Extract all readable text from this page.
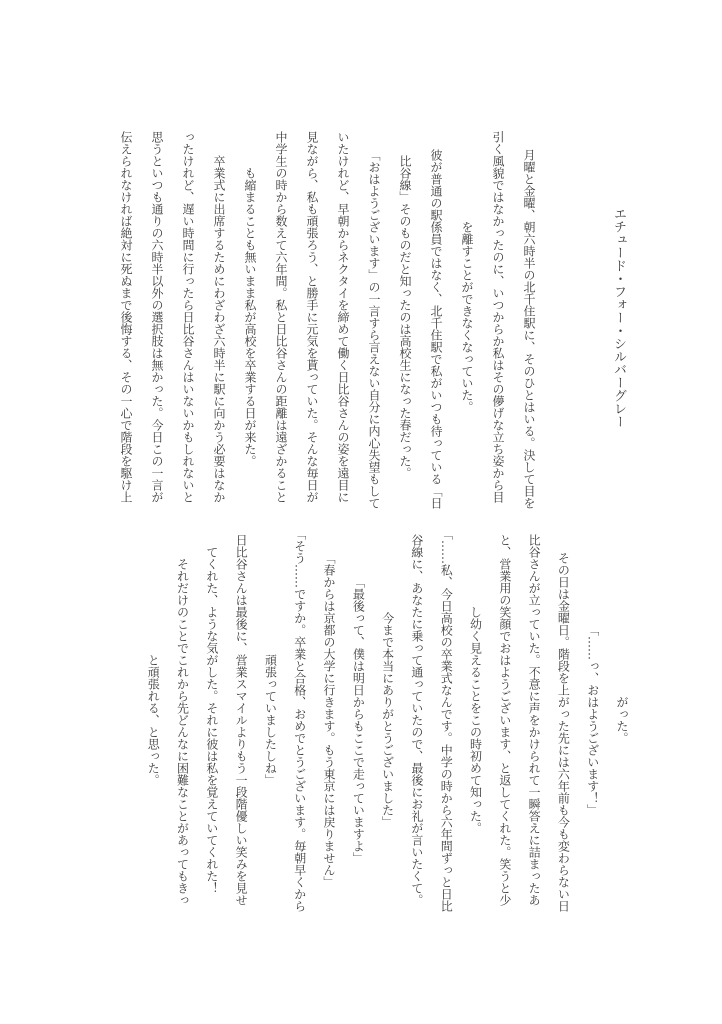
エチュード・フォー・シルバーグレー
月曜と金曜、朝六時半の北千住駅に、そのひとはいる。決して目を
引く風貌ではなかったのに、いつからか私はその儚げな立ち姿から目
を離すことができなくなっていた。
彼が普通の駅係員ではなく、北千住駅で私がいつも待っている「日
比谷線」そのものだと知ったのは高校生になった春だった。
「おはようございます」の一言すら言えない自分に内心失望もして
いたけれど、早朝からネクタイを締めて働く日比谷さんの姿を遠目に
見ながら、私も頑張ろう、と勝手に元気を貰っていた。そんな毎日が
中学生の時から数えて六年間。私と日比谷さんの距離は遠ざかること
も縮まることも無いまま私が高校を卒業する日が来た。
卒業式に出席するためにわざわざ六時半に駅に向かう必要はなか
ったけれど、遅い時間に行ったら日比谷さんはいないかもしれないと
思うといつも通りの六時半以外の選択肢は無かった。今日この一言が
伝えられなければ絶対に死ぬまで後悔する、その一心で階段を駆け上
がった。
「……っ、おはようございます！」
その日は金曜日。階段を上がった先には六年前も今も変わらない日
比谷さんが立っていた。不意に声をかけられて一瞬答えに詰まったあ
と、営業用の笑顔でおはようございます、と返してくれた。笑うと少
し幼く見えることをこの時初めて知った。
「……私、今日高校の卒業式なんです。中学の時から六年間ずっと日比
谷線に、あなたに乗って通っていたので、最後にお礼が言いたくて。
今まで本当にありがとうございました」
「最後って、僕は明日からもここで走っていますよ」
「春からは京都の大学に行きます。もう東京には戻りません」
「そう……ですか。卒業と合格、おめでとうございます。毎朝早くから
頑張っていましたしね」
日比谷さんは最後に、営業スマイルよりもう一段階優しい笑みを見せ
てくれた、ような気がした。それに彼は私を覚えていてくれた！
それだけのことでこれから先どんなに困難なことがあってもきっ
と頑張れる、と思った。
